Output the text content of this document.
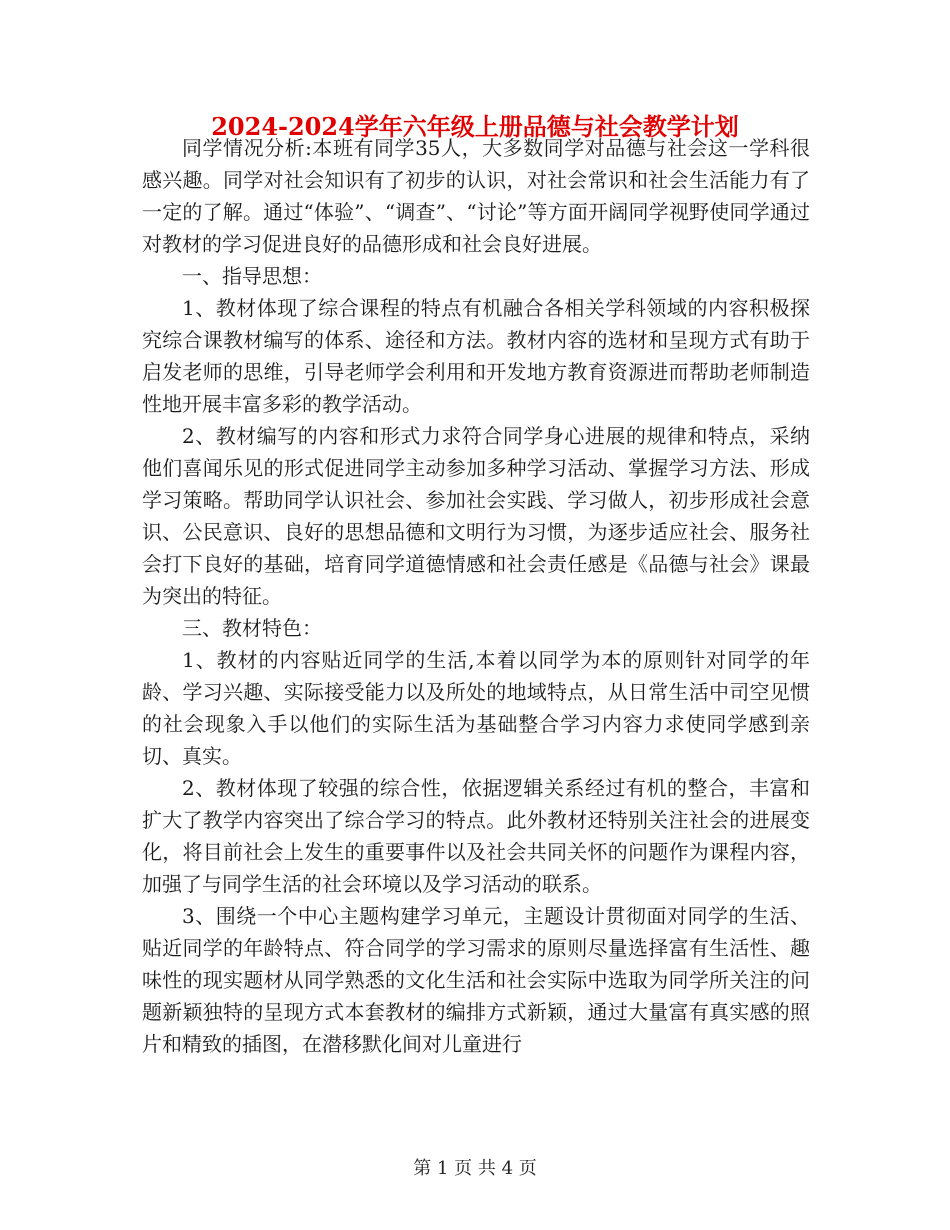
2024-2024学年六年级上册品德与社会教学计划

同学情况分析:本班有同学35人，大多数同学对品德与社会这一学科很感兴趣。同学对社会知识有了初步的认识，对社会常识和社会生活能力有了一定的了解。通过“体验”、“调查”、“讨论”等方面开阔同学视野使同学通过对教材的学习促进良好的品德形成和社会良好进展。

一、指导思想：

1、教材体现了综合课程的特点有机融合各相关学科领域的内容积极探究综合课教材编写的体系、途径和方法。教材内容的选材和呈现方式有助于启发老师的思维，引导老师学会利用和开发地方教育资源进而帮助老师制造性地开展丰富多彩的教学活动。

2、教材编写的内容和形式力求符合同学身心进展的规律和特点，采纳他们喜闻乐见的形式促进同学主动参加多种学习活动、掌握学习方法、形成学习策略。帮助同学认识社会、参加社会实践、学习做人，初步形成社会意识、公民意识、良好的思想品德和文明行为习惯，为逐步适应社会、服务社会打下良好的基础，培育同学道德情感和社会责任感是《品德与社会》课最为突出的特征。

三、教材特色：

1、教材的内容贴近同学的生活,本着以同学为本的原则针对同学的年龄、学习兴趣、实际接受能力以及所处的地域特点，从日常生活中司空见惯的社会现象入手以他们的实际生活为基础整合学习内容力求使同学感到亲切、真实。

2、教材体现了较强的综合性，依据逻辑关系经过有机的整合，丰富和扩大了教学内容突出了综合学习的特点。此外教材还特别关注社会的进展变化，将目前社会上发生的重要事件以及社会共同关怀的问题作为课程内容，加强了与同学生活的社会环境以及学习活动的联系。

3、围绕一个中心主题构建学习单元，主题设计贯彻面对同学的生活、贴近同学的年龄特点、符合同学的学习需求的原则尽量选择富有生活性、趣味性的现实题材从同学熟悉的文化生活和社会实际中选取为同学所关注的问题新颖独特的呈现方式本套教材的编排方式新颖，通过大量富有真实感的照片和精致的插图，在潜移默化间对儿童进行

第 1 页 共 4 页
